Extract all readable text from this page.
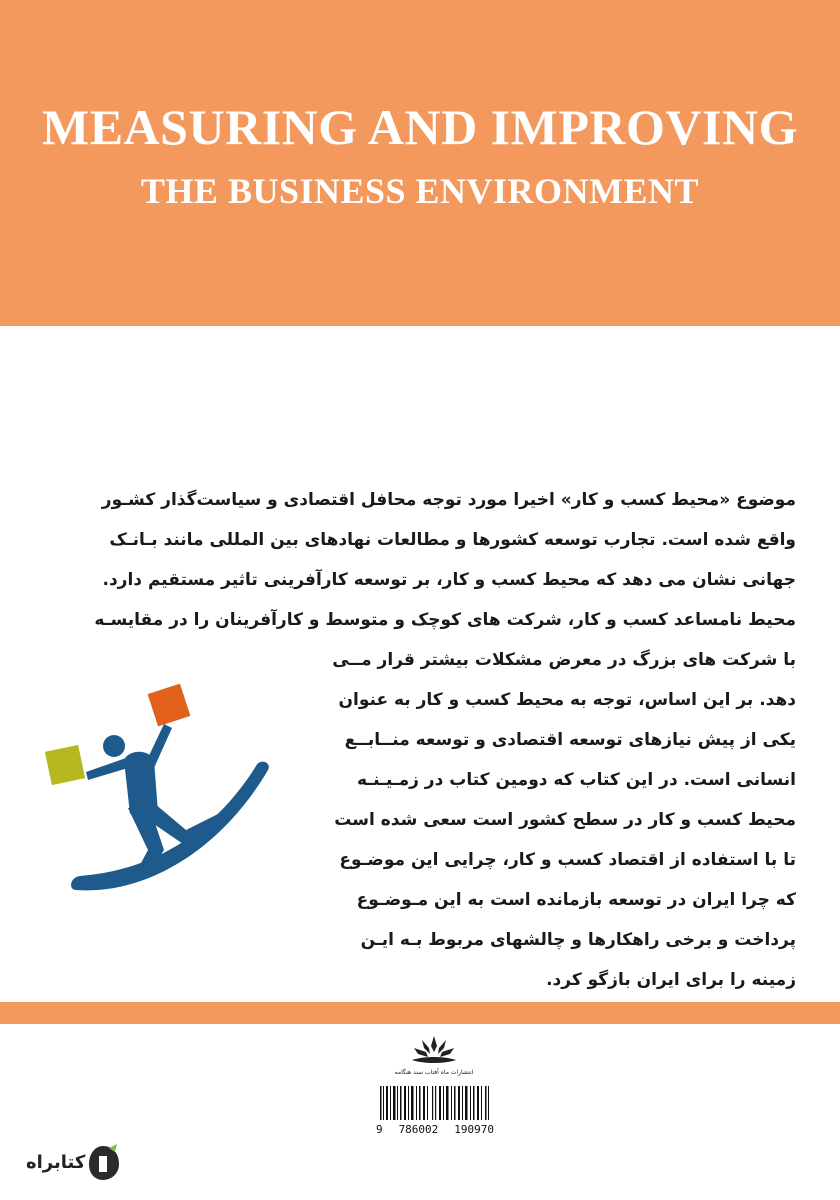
MEASURING AND IMPROVING
THE BUSINESS ENVIRONMENT
موضوع «محیط کسب و کار» اخیرا مورد توجه محافل اقتصادی و سیاست‌گذار کشـور
واقع شده است. تجارب توسعه کشورها و مطالعات نهادهای بین المللی مانند بـانـک
جهانی نشان می دهد که محیط کسب و کار، بر توسعه کارآفرینی تاثیر مستقیم دارد.
محیط نامساعد کسب و کار، شرکت های کوچک و متوسط و کارآفرینان را در مقایسـه
با شرکت های بزرگ در معرض مشکلات بیشتر قرار مــی
دهد. بر این اساس، توجه به محیط کسب و کار به عنوان
یکی از پیش نیازهای توسعه اقتصادی و توسعه منــابــع
انسانی است. در این کتاب که دومین کتاب در زمـیـنـه
محیط کسب و کار در سطح کشور است سعی شده است
تا با استفاده از اقتصاد کسب و کار، چرایی این موضـوع
که چرا ایران در توسعه بازمانده است به این مـوضـوع
پرداخت و برخی راهکارها و چالشهای مربوط بـه ایـن
زمینه را برای ایران بازگو کرد.
انتشارات ماه آفتاب سند هنگامه
9 786002 190970
کتابراه
